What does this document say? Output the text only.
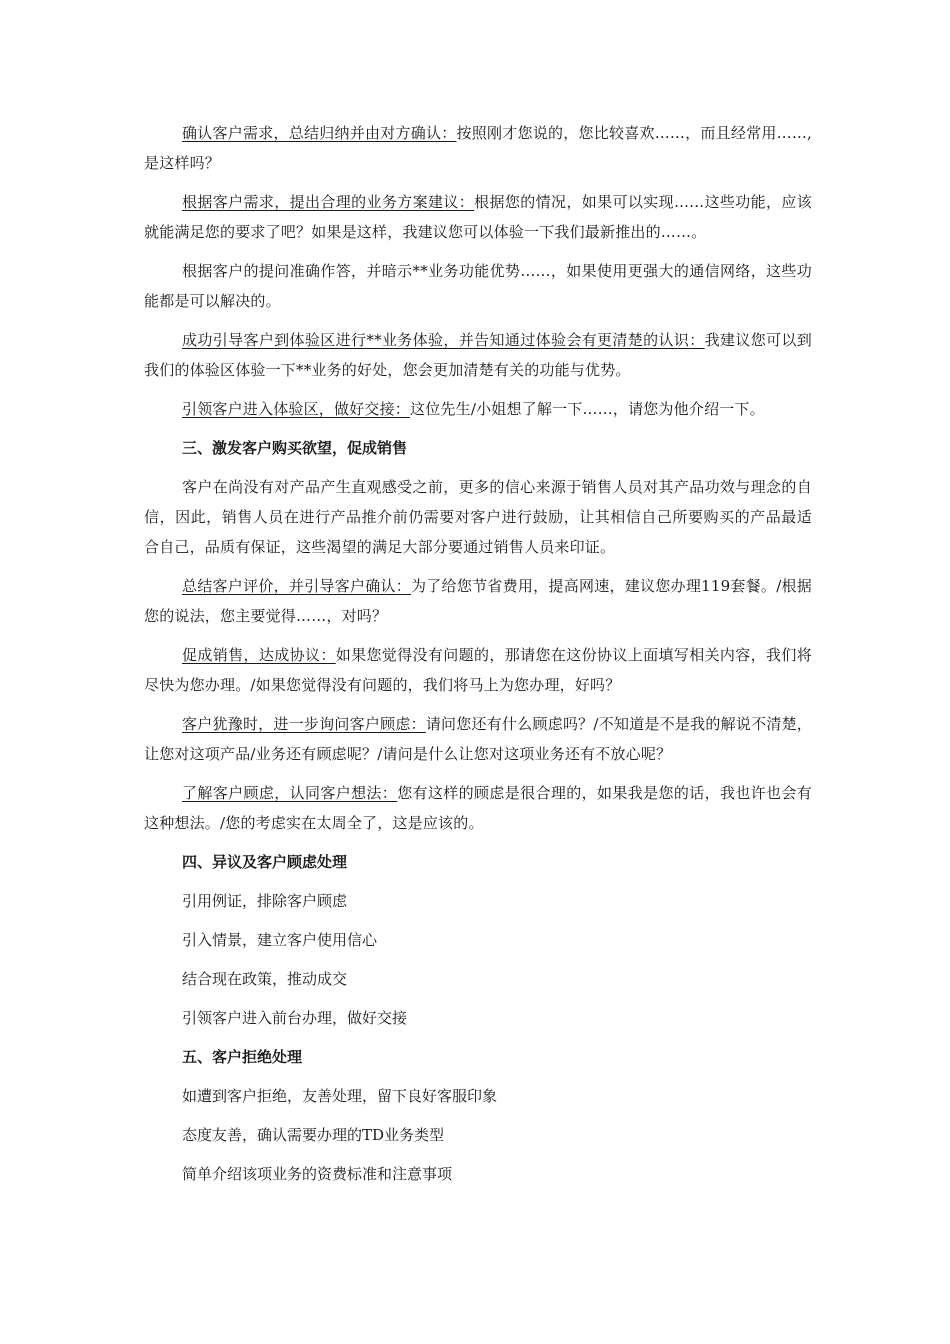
确认客户需求，总结归纳并由对方确认：按照刚才您说的，您比较喜欢……，而且经常用……,是这样吗？

根据客户需求，提出合理的业务方案建议：根据您的情况，如果可以实现……这些功能，应该就能满足您的要求了吧？如果是这样，我建议您可以体验一下我们最新推出的……。

根据客户的提问准确作答，并暗示**业务功能优势……，如果使用更强大的通信网络，这些功能都是可以解决的。

成功引导客户到体验区进行**业务体验，并告知通过体验会有更清楚的认识：我建议您可以到我们的体验区体验一下**业务的好处，您会更加清楚有关的功能与优势。

引领客户进入体验区，做好交接：这位先生/小姐想了解一下……，请您为他介绍一下。

三、激发客户购买欲望，促成销售

客户在尚没有对产品产生直观感受之前，更多的信心来源于销售人员对其产品功效与理念的自信，因此，销售人员在进行产品推介前仍需要对客户进行鼓励，让其相信自己所要购买的产品最适合自己，品质有保证，这些渴望的满足大部分要通过销售人员来印证。

总结客户评价，并引导客户确认：为了给您节省费用，提高网速，建议您办理119套餐。/根据您的说法，您主要觉得……，对吗？

促成销售，达成协议：如果您觉得没有问题的，那请您在这份协议上面填写相关内容，我们将尽快为您办理。/如果您觉得没有问题的，我们将马上为您办理，好吗？

客户犹豫时，进一步询问客户顾虑：请问您还有什么顾虑吗？/不知道是不是我的解说不清楚，让您对这项产品/业务还有顾虑呢？/请问是什么让您对这项业务还有不放心呢？

了解客户顾虑，认同客户想法：您有这样的顾虑是很合理的，如果我是您的话，我也许也会有这种想法。/您的考虑实在太周全了，这是应该的。

四、异议及客户顾虑处理

引用例证，排除客户顾虑

引入情景，建立客户使用信心

结合现在政策，推动成交

引领客户进入前台办理，做好交接

五、客户拒绝处理

如遭到客户拒绝，友善处理，留下良好客服印象

态度友善，确认需要办理的TD业务类型

简单介绍该项业务的资费标准和注意事项
